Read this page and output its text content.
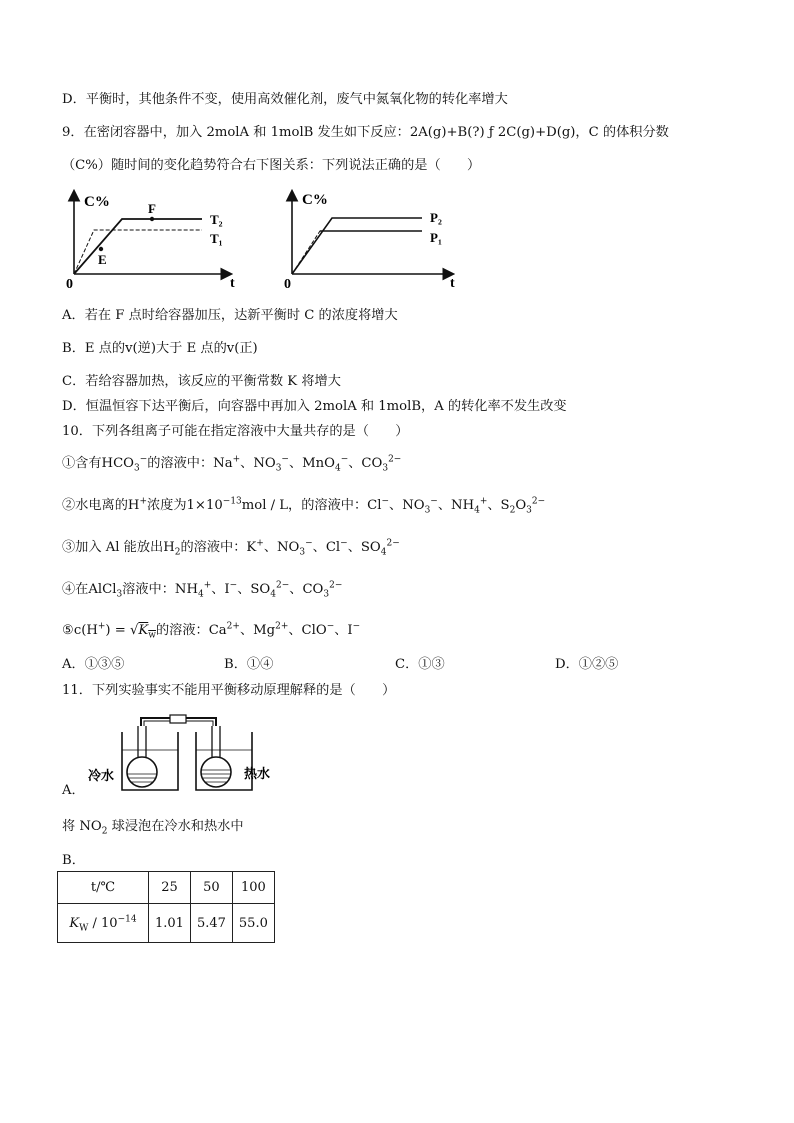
D．平衡时，其他条件不变，使用高效催化剂，废气中氮氧化物的转化率增大
9．在密闭容器中，加入 2molA 和 1molB 发生如下反应：2A(g)+B(?) ƒ 2C(g)+D(g)，C 的体积分数
（C%）随时间的变化趋势符合右下图关系：下列说法正确的是（　　）
C%
t
0
F
E
T₂
T₁
C%
t
0
P₂
P₁
A．若在 F 点时给容器加压，达新平衡时 C 的浓度将增大
B．E 点的v(逆)大于 E 点的v(正)
C．若给容器加热，该反应的平衡常数 K 将增大
D．恒温恒容下达平衡后，向容器中再加入 2molA 和 1molB，A 的转化率不发生改变
10．下列各组离子可能在指定溶液中大量共存的是（　　）
①含有$HCO_3^-$的溶液中：Na+、$NO_3^-$、MnO$_4$−、$CO_3^{2-}$
②水电离的H+浓度为$1\times 10^{-13}mol / L$，的溶液中：Cl−、$NO_3^-$、$NH_4^+$、$S_2O_3^{2-}$
③加入 Al 能放出$H_2$的溶液中：K+、$NO_3^-$、Cl−、$SO_4^{2-}$
④在AlCl$_3$溶液中：$NH_4^+$、I−、$SO_4^{2-}$、$CO_3^{2-}$
⑤c(H+) = $√K_w$的溶液：$Ca^{2+}$、$Mg^{2+}$、ClO−、I−
A．①③⑤	B．①④	C．①③	D．①②⑤
11．下列实验事实不能用平衡移动原理解释的是（　　）
冷水	热水
A．
将 $NO_2$ 球浸泡在冷水和热水中
B．
t/℃	25	50	100
$K_W / 10^{-14}$	1.01	5.47	55.0
